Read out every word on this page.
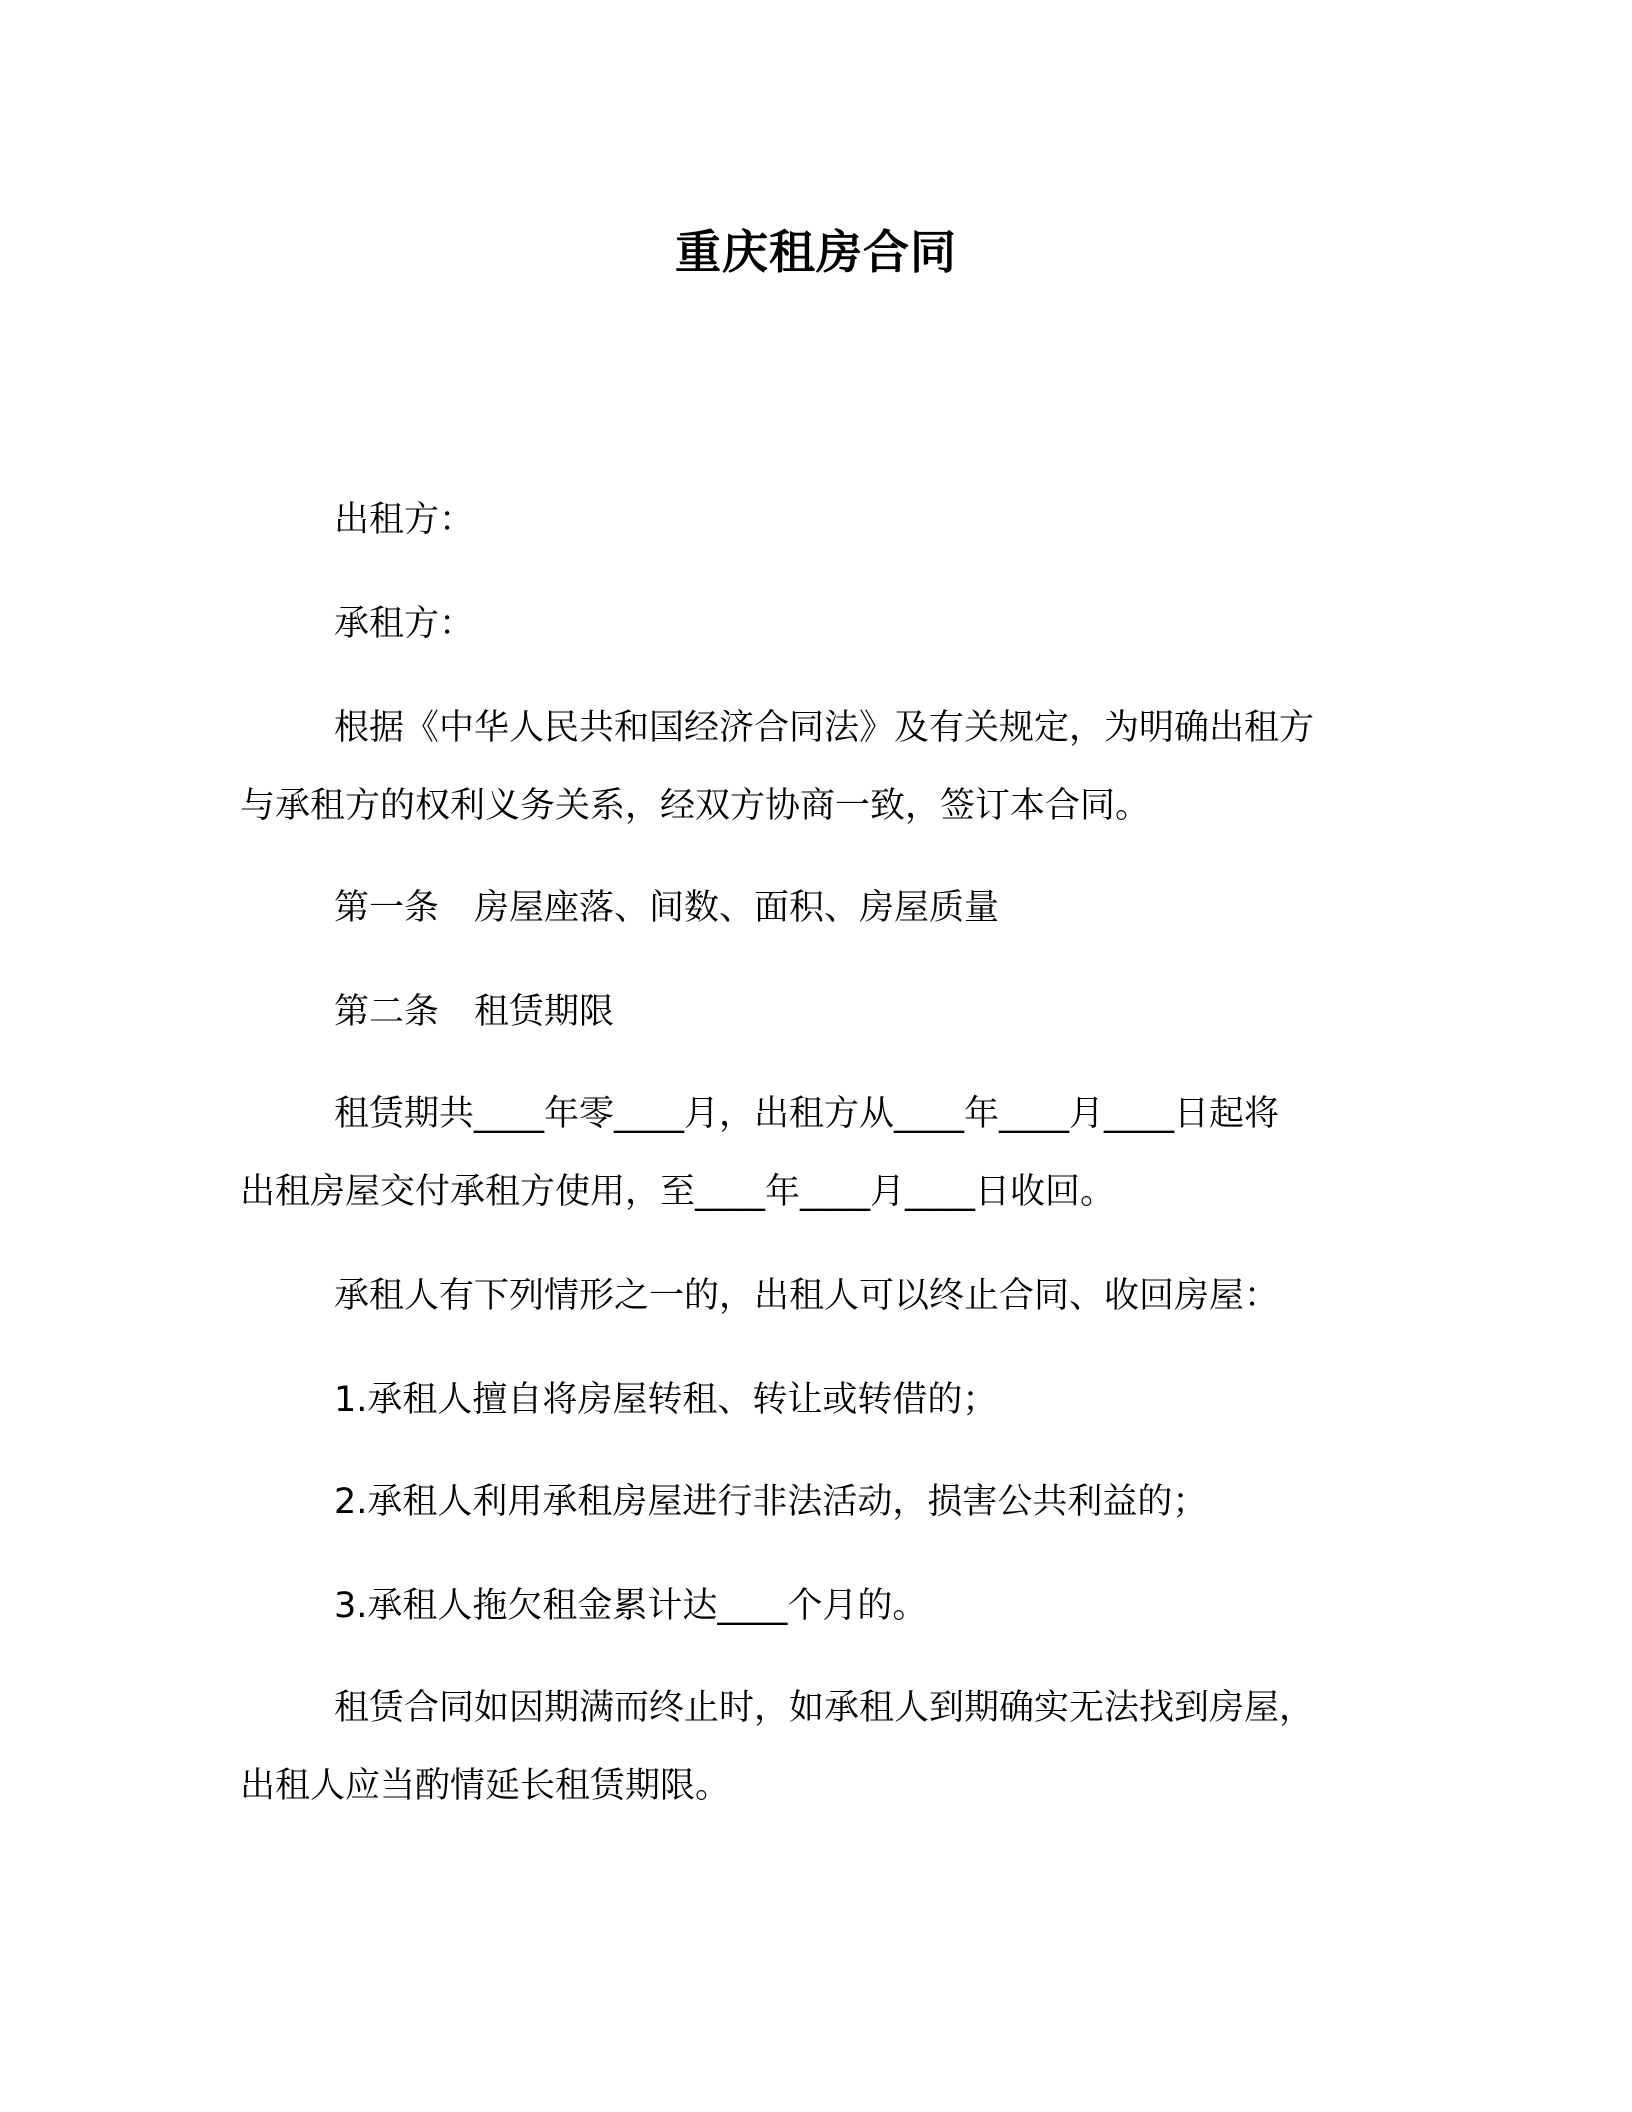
重庆租房合同
出租方：
承租方：
根据《中华人民共和国经济合同法》及有关规定，为明确出租方
与承租方的权利义务关系，经双方协商一致，签订本合同。
第一条　房屋座落、间数、面积、房屋质量
第二条　租赁期限
租赁期共____年零____月，出租方从____年____月____日起将
出租房屋交付承租方使用，至____年____月____日收回。
承租人有下列情形之一的，出租人可以终止合同、收回房屋：
1.承租人擅自将房屋转租、转让或转借的；
2.承租人利用承租房屋进行非法活动，损害公共利益的；
3.承租人拖欠租金累计达____个月的。
租赁合同如因期满而终止时，如承租人到期确实无法找到房屋，
出租人应当酌情延长租赁期限。
